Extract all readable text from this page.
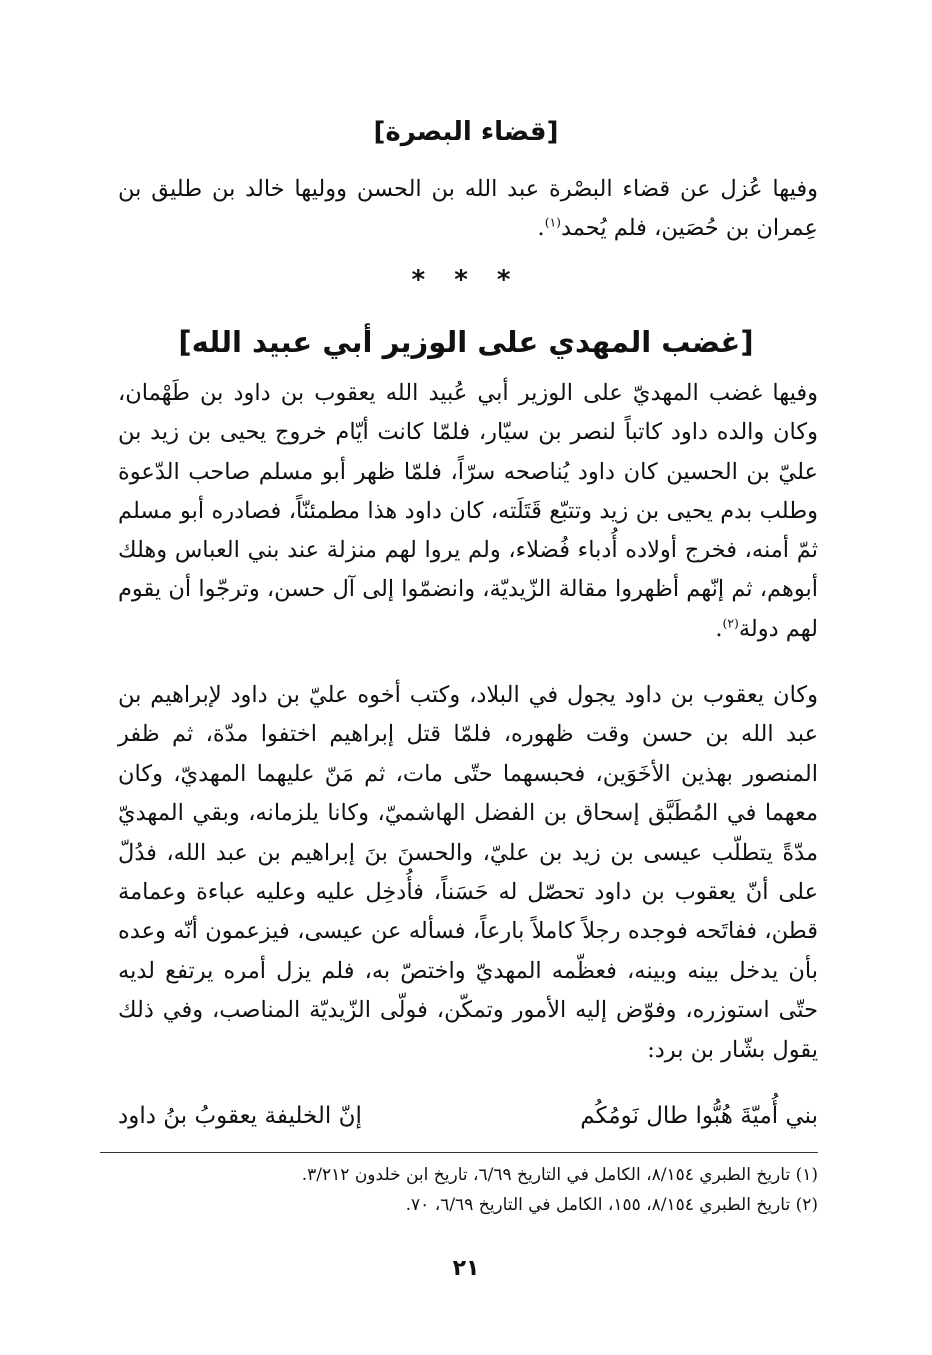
[قضاء البصرة]

وفيها عُزل عن قضاء البصْرة عبد الله بن الحسن ووليها خالد بن طليق بن عِمران بن حُصَين، فلم يُحمد$^{(١)}$.

* * *
[غضب المهدي على الوزير أبي عبيد الله]

وفيها غضب المهديّ على الوزير أبي عُبيد الله يعقوب بن داود بن طَهْمان، وكان والده داود كاتباً لنصر بن سيّار، فلمّا كانت أيّام خروج يحيى بن زيد بن عليّ بن الحسين كان داود يُناصحه سرّاً، فلمّا ظهر أبو مسلم صاحب الدّعوة وطلب بدم يحيى بن زيد وتتبّع قَتَلَته، كان داود هذا مطمئنّاً، فصادره أبو مسلم ثمّ أمنه، فخرج أولاده أُدباء فُضلاء، ولم يروا لهم منزلة عند بني العباس وهلك أبوهم، ثم إنّهم أظهروا مقالة الزّيديّة، وانضمّوا إلى آل حسن، وترجّوا أن يقوم لهم دولة$^{(٢)}$.

وكان يعقوب بن داود يجول في البلاد، وكتب أخوه عليّ بن داود لإبراهيم بن عبد الله بن حسن وقت ظهوره، فلمّا قتل إبراهيم اختفوا مدّة، ثم ظفر المنصور بهذين الأخَوَين، فحبسهما حتّى مات، ثم مَنّ عليهما المهديّ، وكان معهما في المُطَبَّق إسحاق بن الفضل الهاشميّ، وكانا يلزمانه، وبقي المهديّ مدّةً يتطلّب عيسى بن زيد بن عليّ، والحسنَ بنَ إبراهيم بن عبد الله، فدُلّ على أنّ يعقوب بن داود تحصّل له حَسَناً، فأُدخِل عليه وعليه عباءة وعمامة قطن، ففاتَحه فوجده رجلاً كاملاً بارعاً، فسأله عن عيسى، فيزعمون أنّه وعده بأن يدخل بينه وبينه، فعظّمه المهديّ واختصّ به، فلم يزل أمره يرتفع لديه حتّى استوزره، وفوّض إليه الأمور وتمكّن، فولّى الزّيديّة المناصب، وفي ذلك يقول بشّار بن برد:

بني أُميّةَ هُبُّوا طال نَومُكُم
إنّ الخليفة يعقوبُ بنُ داود
(١) تاريخ الطبري ٨/١٥٤، الكامل في التاريخ ٦/٦٩، تاريخ ابن خلدون ٣/٢١٢.
(٢) تاريخ الطبري ٨/١٥٤، ١٥٥، الكامل في التاريخ ٦/٦٩، ٧٠.
٢١
